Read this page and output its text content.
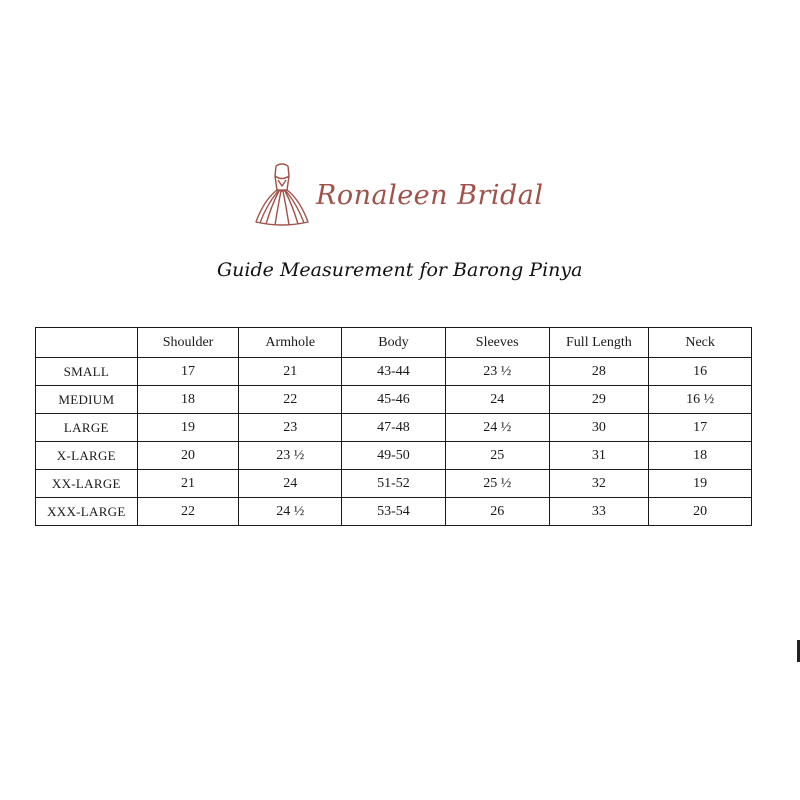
Ronaleen Bridal
Guide Measurement for Barong Pinya
	Shoulder	Armhole	Body	Sleeves	Full Length	Neck
SMALL	17	21	43-44	23 ½	28	16
MEDIUM	18	22	45-46	24	29	16 ½
LARGE	19	23	47-48	24 ½	30	17
X-LARGE	20	23 ½	49-50	25	31	18
XX-LARGE	21	24	51-52	25 ½	32	19
XXX-LARGE	22	24 ½	53-54	26	33	20
